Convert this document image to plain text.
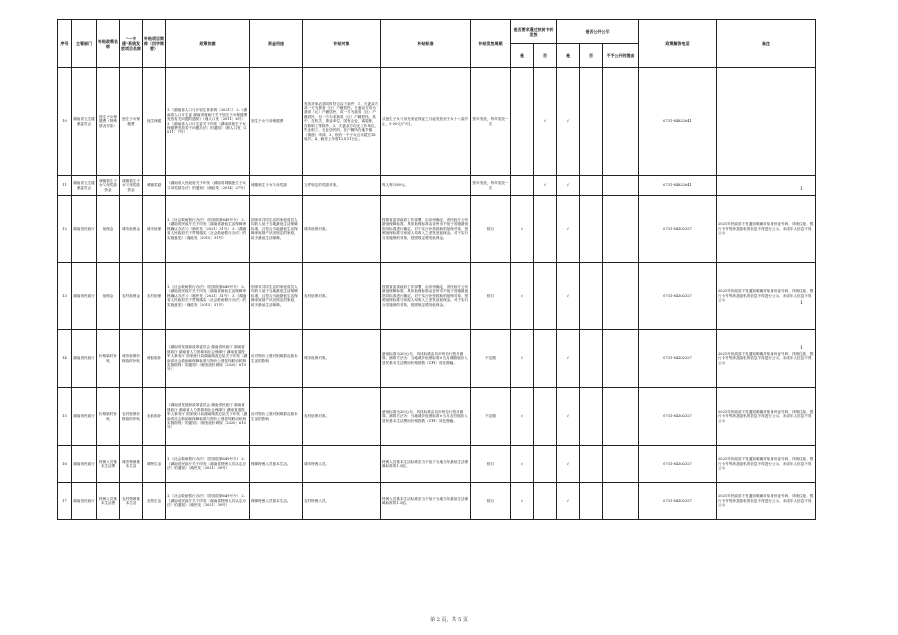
序号	主管部门	补贴政策名称	“一卡通”系统发放项目名称	补贴项目简称（四字简要）	政策依据	资金用途	补贴对象	补贴标准	补贴发放周期	是否要求通过扶贫卡折发放		是否公开公示			政策解答电话	备注
										是	否	是	否	不予公开的理由		
10	湖南省卫生健康委员会	独生子女保健费（特殊情况对象）	独生子女保健费	独生保健	1.《湖南省人口与计划生育条例（2021）》 2.《湖南省人口计生委 湖南省财政厅关于独生子女保健费发放有关问题的通知》（湘人口发〔2011〕6号） 3.《湖南省人口计生委关于印发〈湖南省独生子女保健费发放若干问题办法〉的通知》（湘人口发〔2011〕7号）	独生子女父母保健费	发放对象必须同时符合以下条件：1、夫妻双方或一方为我省（区）户籍居民。夫妻双方均为我省（区）户籍居民，或一方为我省（区）户籍居民、另一方为非我省（区）户籍居民。其中，在机关、事业单位、国有企业，离退休，在职职工等除外。2、夫妻双方均无工作单位。失业职工、无业居民的，在户籍所在地乡镇（街道）申请。3、现有一个子女且未超过18周岁。4、截至上年度12月31日止。	从独生子女父母光荣证领证之月起发放至子女十八周岁止，5-20元/户/月。	按年发放，每年发放一次		√	√			0731-84822041	
11	湖南省卫生健康委员会	城镇独生子女父母奖励资金	城镇独生子女父母奖励资金	城镇奖励	《湖南省人民政府关于印发〈湖南省城镇独生子女父母奖励办法〉的通知》（湘政发〔2014〕27号）	城镇独生子女父母奖励	文件规定的奖励对象。	每人每月80元。	按年发放，每年发放一次		√	√			0731-84822041	
12	湖南省民政厅	低保金	城市低保金	城市低保	1.《社会救助暂行办法》（国务院第649号令） 2.《湖南省民政厅关于印发〈湖南省最低生活保障审核确认办法〉》（湘民发〔2021〕31号） 3.《湖南省人民政府关于贯彻落实〈社会救助暂行办法〉的实施意见》（湘政发〔2015〕31号）	国家对共同生活的家庭成员人均收入低于当地最低生活保障标准，且符合当地最低生活保障家庭财产状况规定的家庭，给予最低生活保障。	城市低保对象。	按照省委省政府工作部署，由市州确定，省民政厅公布最低保障标准，具体低保标准由各州市不低于省级最低指导标准进行确定。对于实行补差救助的低保对象，按照低保标准与家庭人均收入之差发放低保金。对于实行分类施保的对象，按照规定增发低保金。	按月	√		√			0731-84302327	2021年民政部下发通知明确对象身份证号码、详细住址、银行卡号等涉及隐私的信息不得进行公示，未成年人信息不得公示
13	湖南省民政厅	低保金	农村低保金	农村低保	1.《社会救助暂行办法》（国务院第649号令） 2.《湖南省民政厅关于印发〈湖南省最低生活保障审核确认办法〉》（湘民发〔2021〕31号） 3.《湖南省人民政府关于贯彻落实〈社会救助暂行办法〉的实施意见》（湘政发〔2015〕31号）	国家对共同生活的家庭成员人均收入低于当地最低生活保障标准，且符合当地最低生活保障家庭财产状况规定的家庭，给予最低生活保障。	农村低保对象。	按照省委省政府工作部署，由市州确定，省民政厅公布最低保障标准，具体低保标准由各州市不低于省级最低指导标准进行确定。对于实行补差救助的低保对象，按照低保标准与家庭人均收入之差发放低保金。对于实行分类施保的对象，按照规定增发低保金。	按月	√		√			0731-84302327	2021年民政部下发通知明确对象身份证号码、详细住址、银行卡号等涉及隐私的信息不得进行公示，未成年人信息不得公示
14	湖南省民政厅	价格临时补贴	城市低保价格临时补贴	城低临补	《湖南省发展和改革委员会 湖南省民政厅 湖南省财政厅 湖南省人力资源和社会保障厅 湖南省退役军人事务厅 国家统计局湖南调查总队关于印发〈湖南省社会救助和保障标准与物价上涨挂钩联动机制实施细则〉的通知》（湘发改价调规〔2020〕610号）	应对物价上涨对困难群众基本生活的影响	城市低保对象。	最低标准为20元/月，具体标准由各市州自行按月测算。测算方法为：当地城乡低保标准×当月城镇低收入居民基本生活费用价格指数（CPI）同比涨幅。	不定期	√		√			0731-84302327	2021年民政部下发通知明确对象身份证号码、详细住址、银行卡号等涉及隐私的信息不得进行公示，未成年人信息不得公示
15	湖南省民政厅	价格临时补贴	农村低保价格临时补贴	农低临补	《湖南省发展和改革委员会 湖南省民政厅 湖南省财政厅 湖南省人力资源和社会保障厅 湖南省退役军人事务厅 国家统计局湖南调查总队关于印发〈湖南省社会救助和保障标准与物价上涨挂钩联动机制实施细则〉的通知》（湘发改价调规〔2020〕610号）	应对物价上涨对困难群众基本生活的影响	农村低保对象。	最低标准为20元/月，具体标准由各市州自行按月测算。测算方法为：当地城乡低保标准×当月农村低收入居民基本生活费用价格指数（CPI）同比涨幅。	不定期	√		√			0731-84302327	2021年民政部下发通知明确对象身份证号码、详细住址、银行卡号等涉及隐私的信息不得进行公示，未成年人信息不得公示
16	湖南省民政厅	特困人员基本生活费	城市特困基本生活	城特生活	1.《社会救助暂行办法》（国务院第649号令） 2.《湖南省民政厅关于印发〈湖南省特困人员认定办法〉的通知》（湘民发〔2021〕30号）	保障特困人员基本生活。	城市特困人员。	特困人员基本生活标准应当不低于当地当年最低生活保障标准的1.3倍。	按月	√		√			0731-84302327	2021年民政部下发通知明确对象身份证号码、详细住址、银行卡号等涉及隐私的信息不得进行公示，未成年人信息不得公示
17	湖南省民政厅	特困人员基本生活费	农村特困基本生活	农特生活	1.《社会救助暂行办法》（国务院第649号令） 2.《湖南省民政厅关于印发〈湖南省特困人员认定办法〉的通知》（湘民发〔2021〕30号）	保障特困人员基本生活。	农村特困人员。	特困人员基本生活标准应当不低于当地当年最低生活保障标准的1.3倍。	按月	√		√			0731-84302327	2021年民政部下发通知明确对象身份证号码、详细住址、银行卡号等涉及隐私的信息不得进行公示，未成年人信息不得公示
1
1
1
第 2 页，共 5 页
